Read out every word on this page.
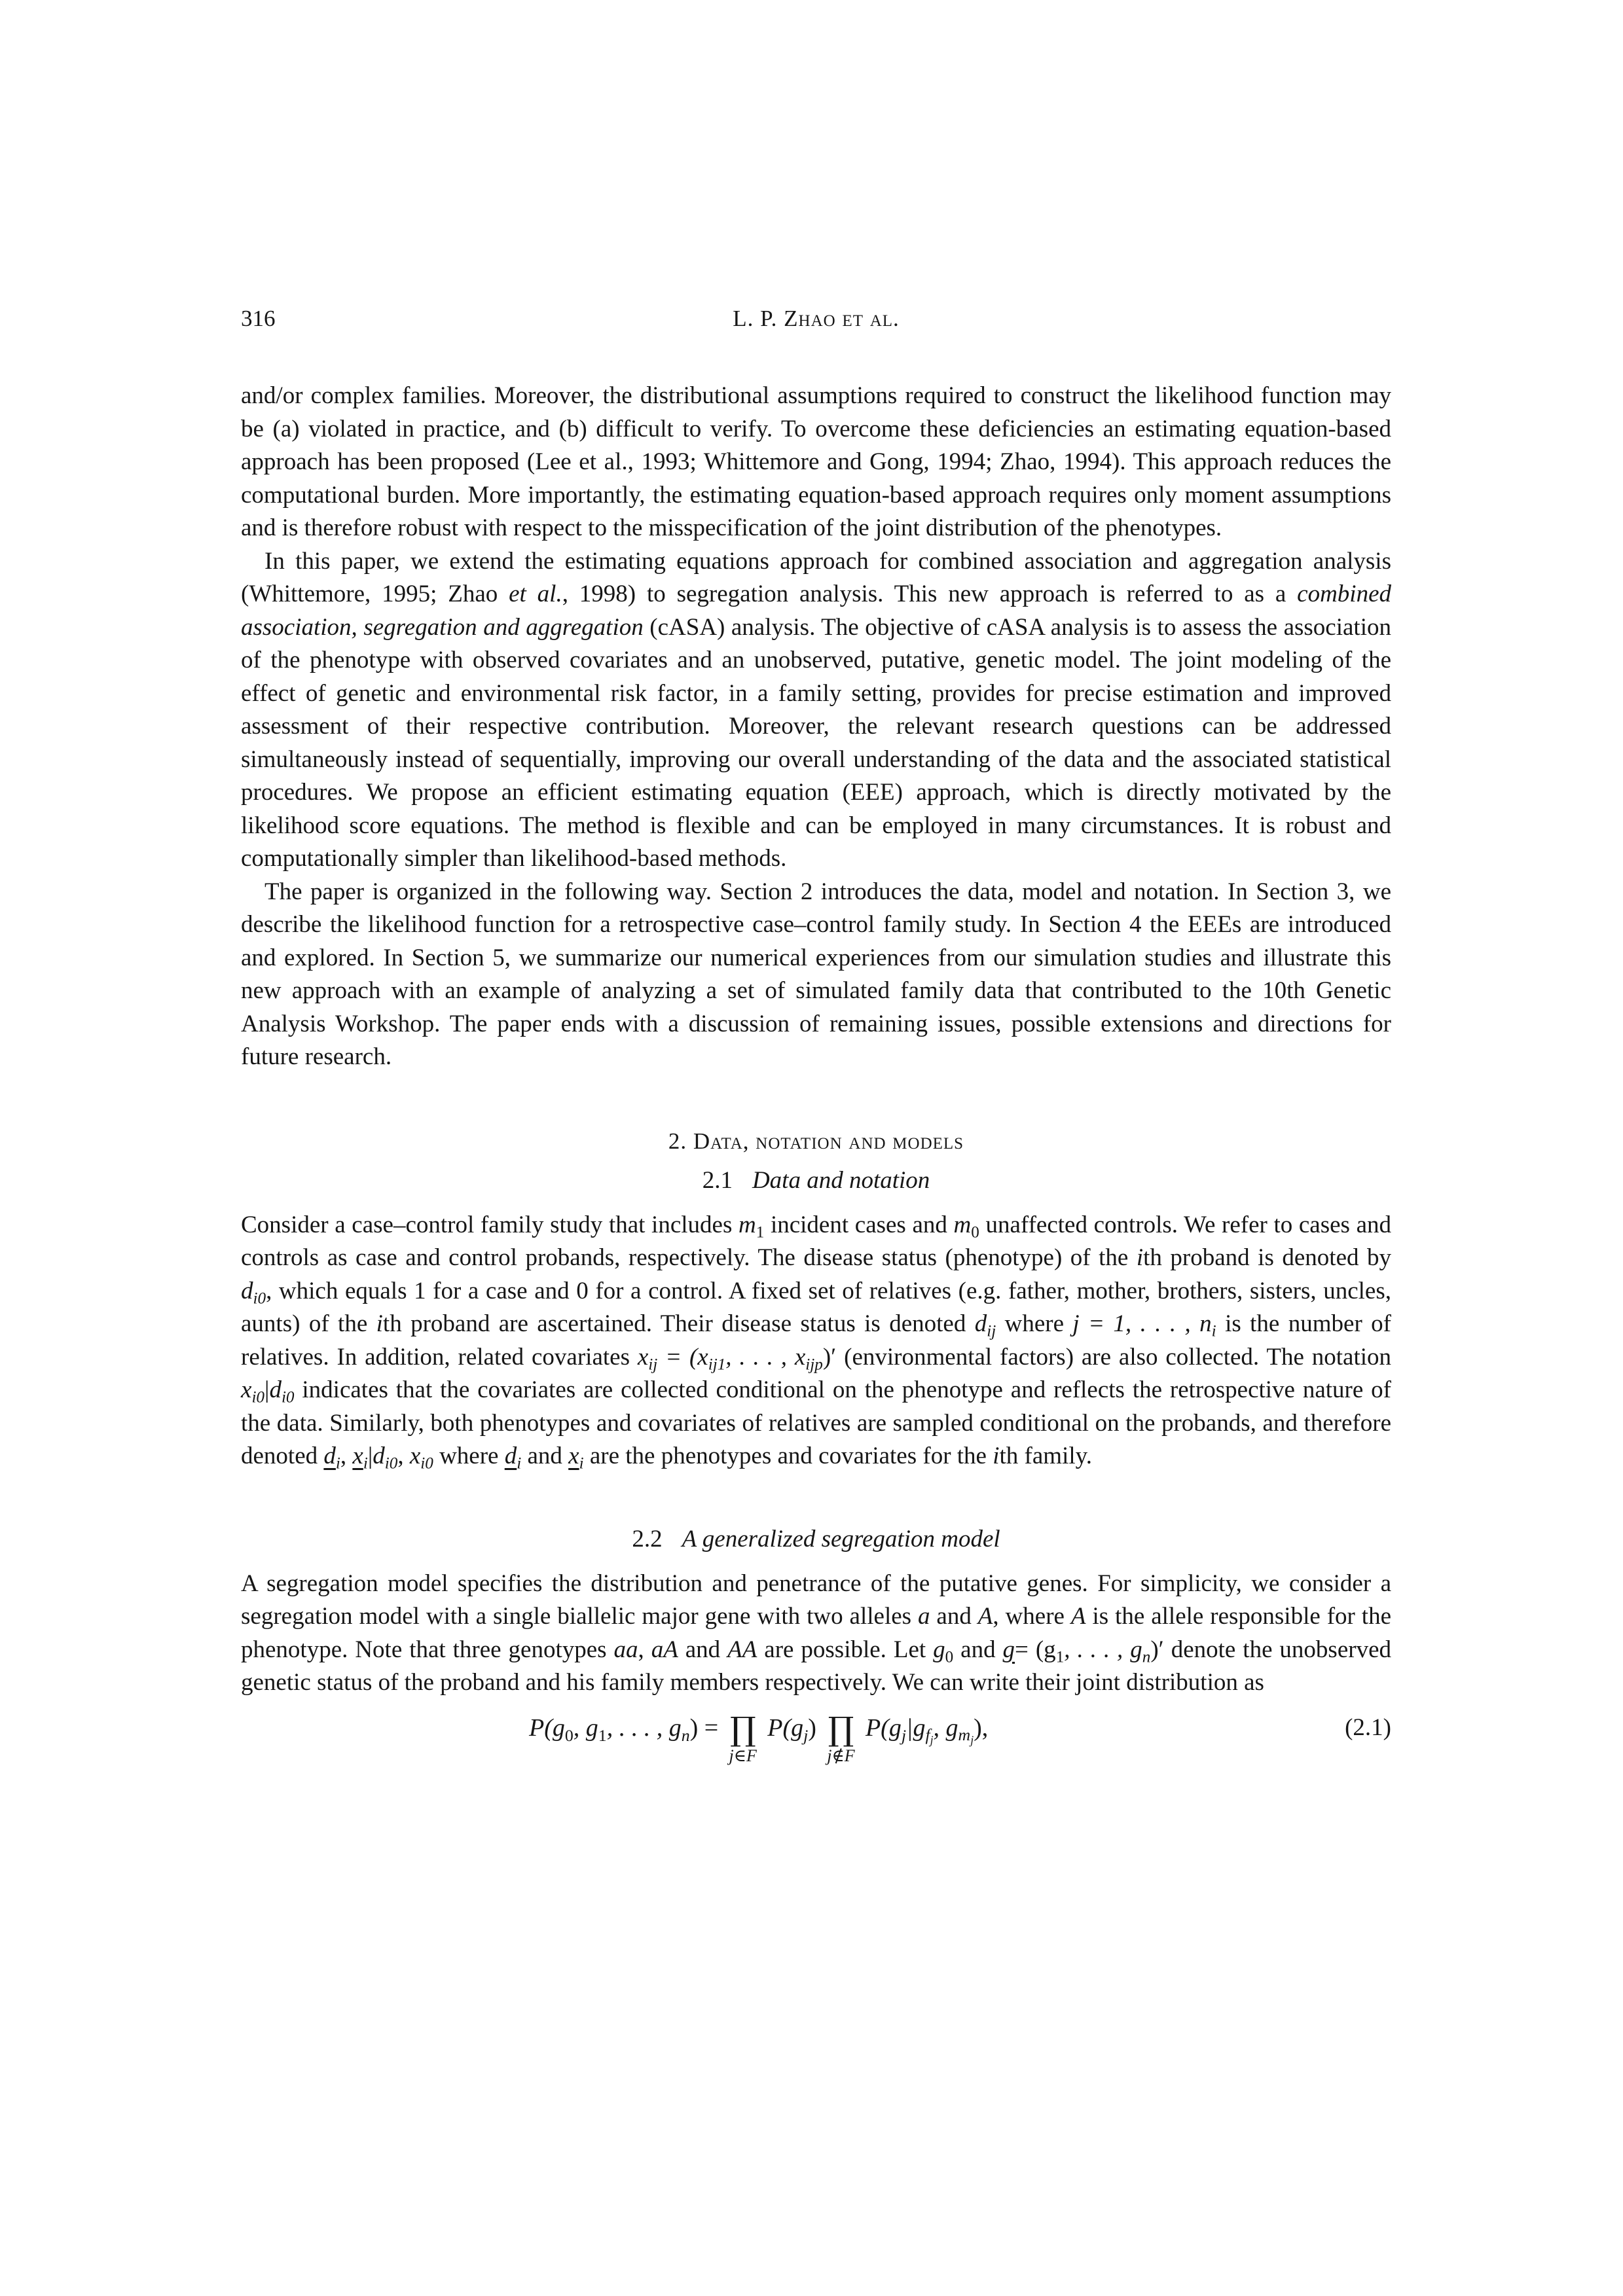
316	L. P. Zhao et al.

and/or complex families. Moreover, the distributional assumptions required to construct the likelihood function may be (a) violated in practice, and (b) difficult to verify. To overcome these deficiencies an estimating equation-based approach has been proposed (Lee et al., 1993; Whittemore and Gong, 1994; Zhao, 1994). This approach reduces the computational burden. More importantly, the estimating equation-based approach requires only moment assumptions and is therefore robust with respect to the misspecification of the joint distribution of the phenotypes.

In this paper, we extend the estimating equations approach for combined association and aggregation analysis (Whittemore, 1995; Zhao et al., 1998) to segregation analysis. This new approach is referred to as a combined association, segregation and aggregation (cASA) analysis. The objective of cASA analysis is to assess the association of the phenotype with observed covariates and an unobserved, putative, genetic model. The joint modeling of the effect of genetic and environmental risk factor, in a family setting, provides for precise estimation and improved assessment of their respective contribution. Moreover, the relevant research questions can be addressed simultaneously instead of sequentially, improving our overall understanding of the data and the associated statistical procedures. We propose an efficient estimating equation (EEE) approach, which is directly motivated by the likelihood score equations. The method is flexible and can be employed in many circumstances. It is robust and computationally simpler than likelihood-based methods.

The paper is organized in the following way. Section 2 introduces the data, model and notation. In Section 3, we describe the likelihood function for a retrospective case–control family study. In Section 4 the EEEs are introduced and explored. In Section 5, we summarize our numerical experiences from our simulation studies and illustrate this new approach with an example of analyzing a set of simulated family data that contributed to the 10th Genetic Analysis Workshop. The paper ends with a discussion of remaining issues, possible extensions and directions for future research.

2. Data, notation and models
2.1 Data and notation

Consider a case–control family study that includes $m_1$ incident cases and $m_0$ unaffected controls. We refer to cases and controls as case and control probands, respectively. The disease status (phenotype) of the ith proband is denoted by $d_{i0}$, which equals 1 for a case and 0 for a control. A fixed set of relatives (e.g. father, mother, brothers, sisters, uncles, aunts) of the ith proband are ascertained. Their disease status is denoted $d_{ij}$ where j = 1, . . . , $n_i$ is the number of relatives. In addition, related covariates $x_{ij} = (x_{ij1}$, . . . , $x_{ijp})'$ (environmental factors) are also collected. The notation $x_{i0}|d_{i0}$ indicates that the covariates are collected conditional on the phenotype and reflects the retrospective nature of the data. Similarly, both phenotypes and covariates of relatives are sampled conditional on the probands, and therefore denoted $d_i$, $x_i|d_{i0}$, $x_{i0}$ where $d_i$ and $x_i$ are the phenotypes and covariates for the ith family.

2.2 A generalized segregation model

A segregation model specifies the distribution and penetrance of the putative genes. For simplicity, we consider a segregation model with a single biallelic major gene with two alleles a and A, where A is the allele responsible for the phenotype. Note that three genotypes aa, aA and AA are possible. Let $g_0$ and $g= (g_1$, . . . , $g_n)'$ denote the unobserved genetic status of the proband and his family members respectively. We can write their joint distribution as

$P(g_0$, $g_1$, . . . , $g_n$) = ∏
j∈F
$P(g_j)$ ∏
j∉F
$P(g_j|g_{f_j}$, $g_{m_j}$),	(2.1)
